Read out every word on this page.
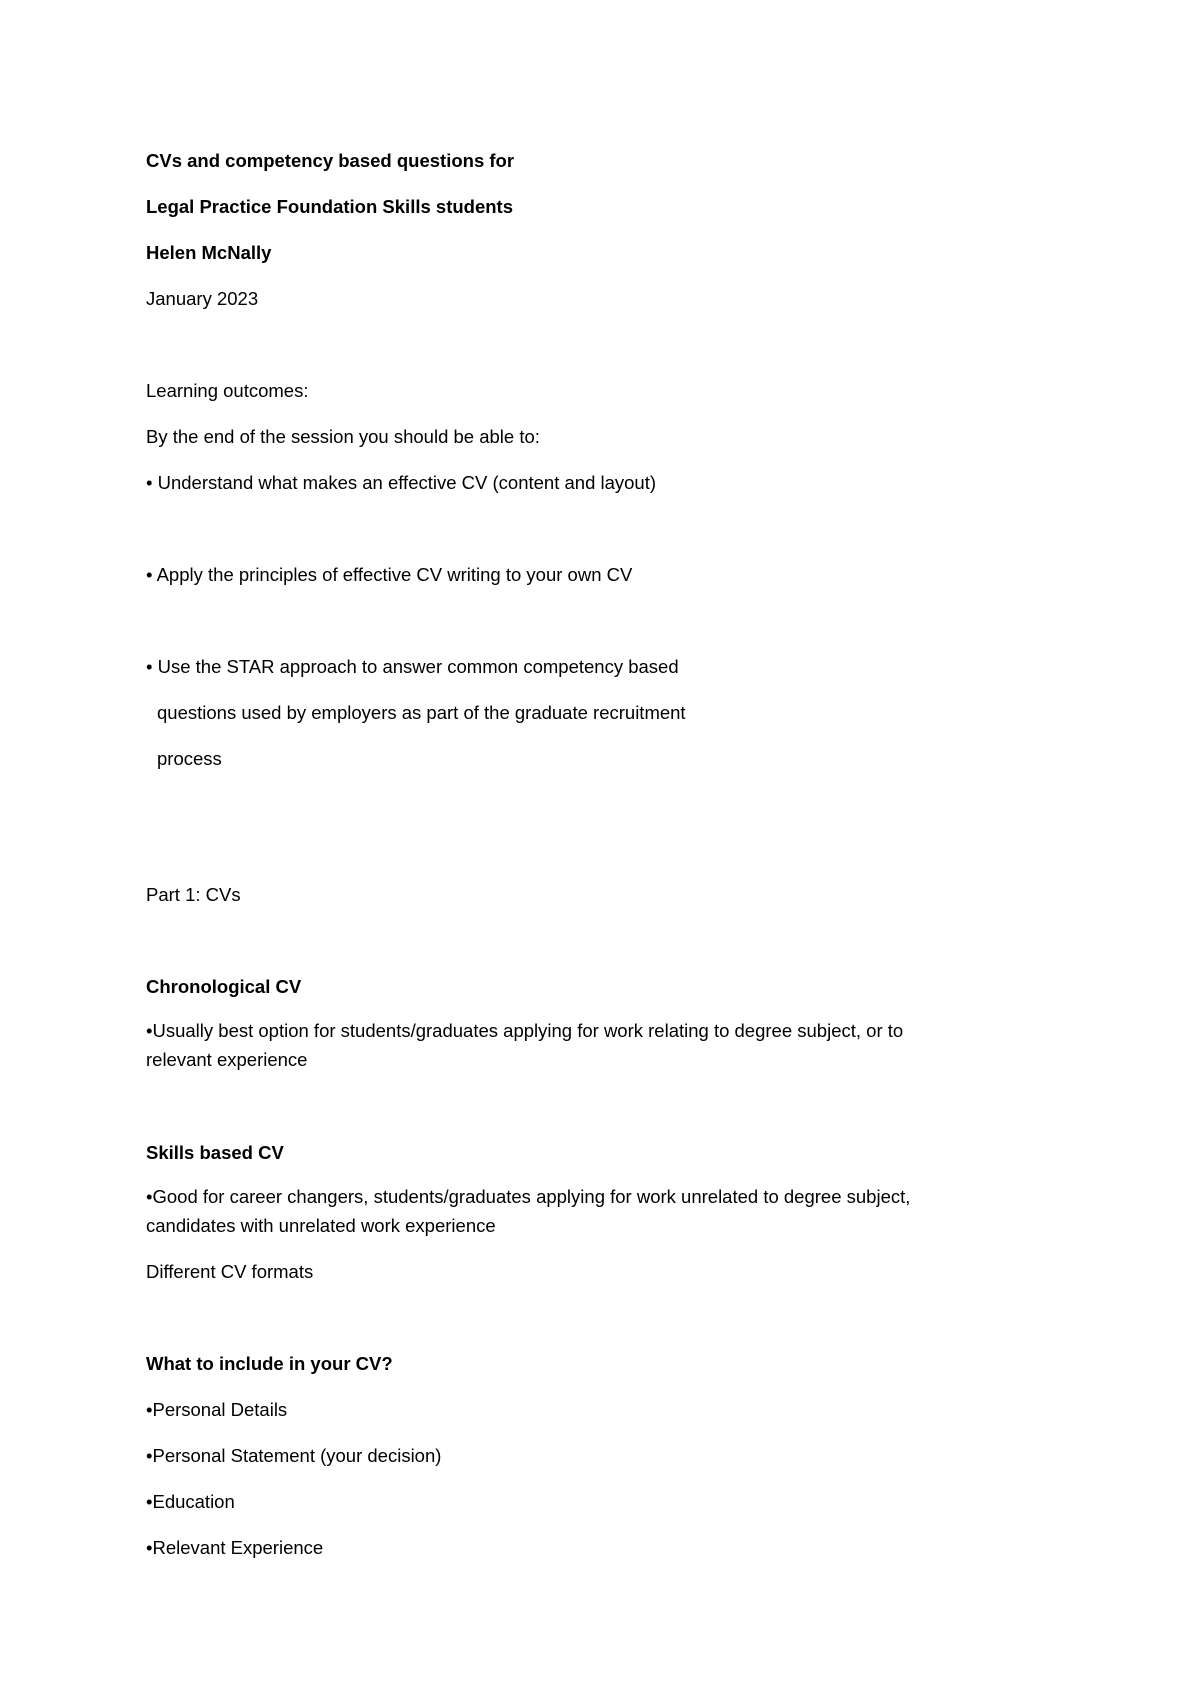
CVs and competency based questions for

Legal Practice Foundation Skills students

Helen McNally

January 2023

Learning outcomes:

By the end of the session you should be able to:

• Understand what makes an effective CV (content and layout)

• Apply the principles of effective CV writing to your own CV

• Use the STAR approach to answer common competency based

questions used by employers as part of the graduate recruitment

process

Part 1: CVs

Chronological CV

•Usually best option for students/graduates applying for work relating to degree subject, or to

relevant experience

Skills based CV

•Good for career changers, students/graduates applying for work unrelated to degree subject,

candidates with unrelated work experience

Different CV formats

What to include in your CV?

•Personal Details

•Personal Statement (your decision)

•Education

•Relevant Experience
